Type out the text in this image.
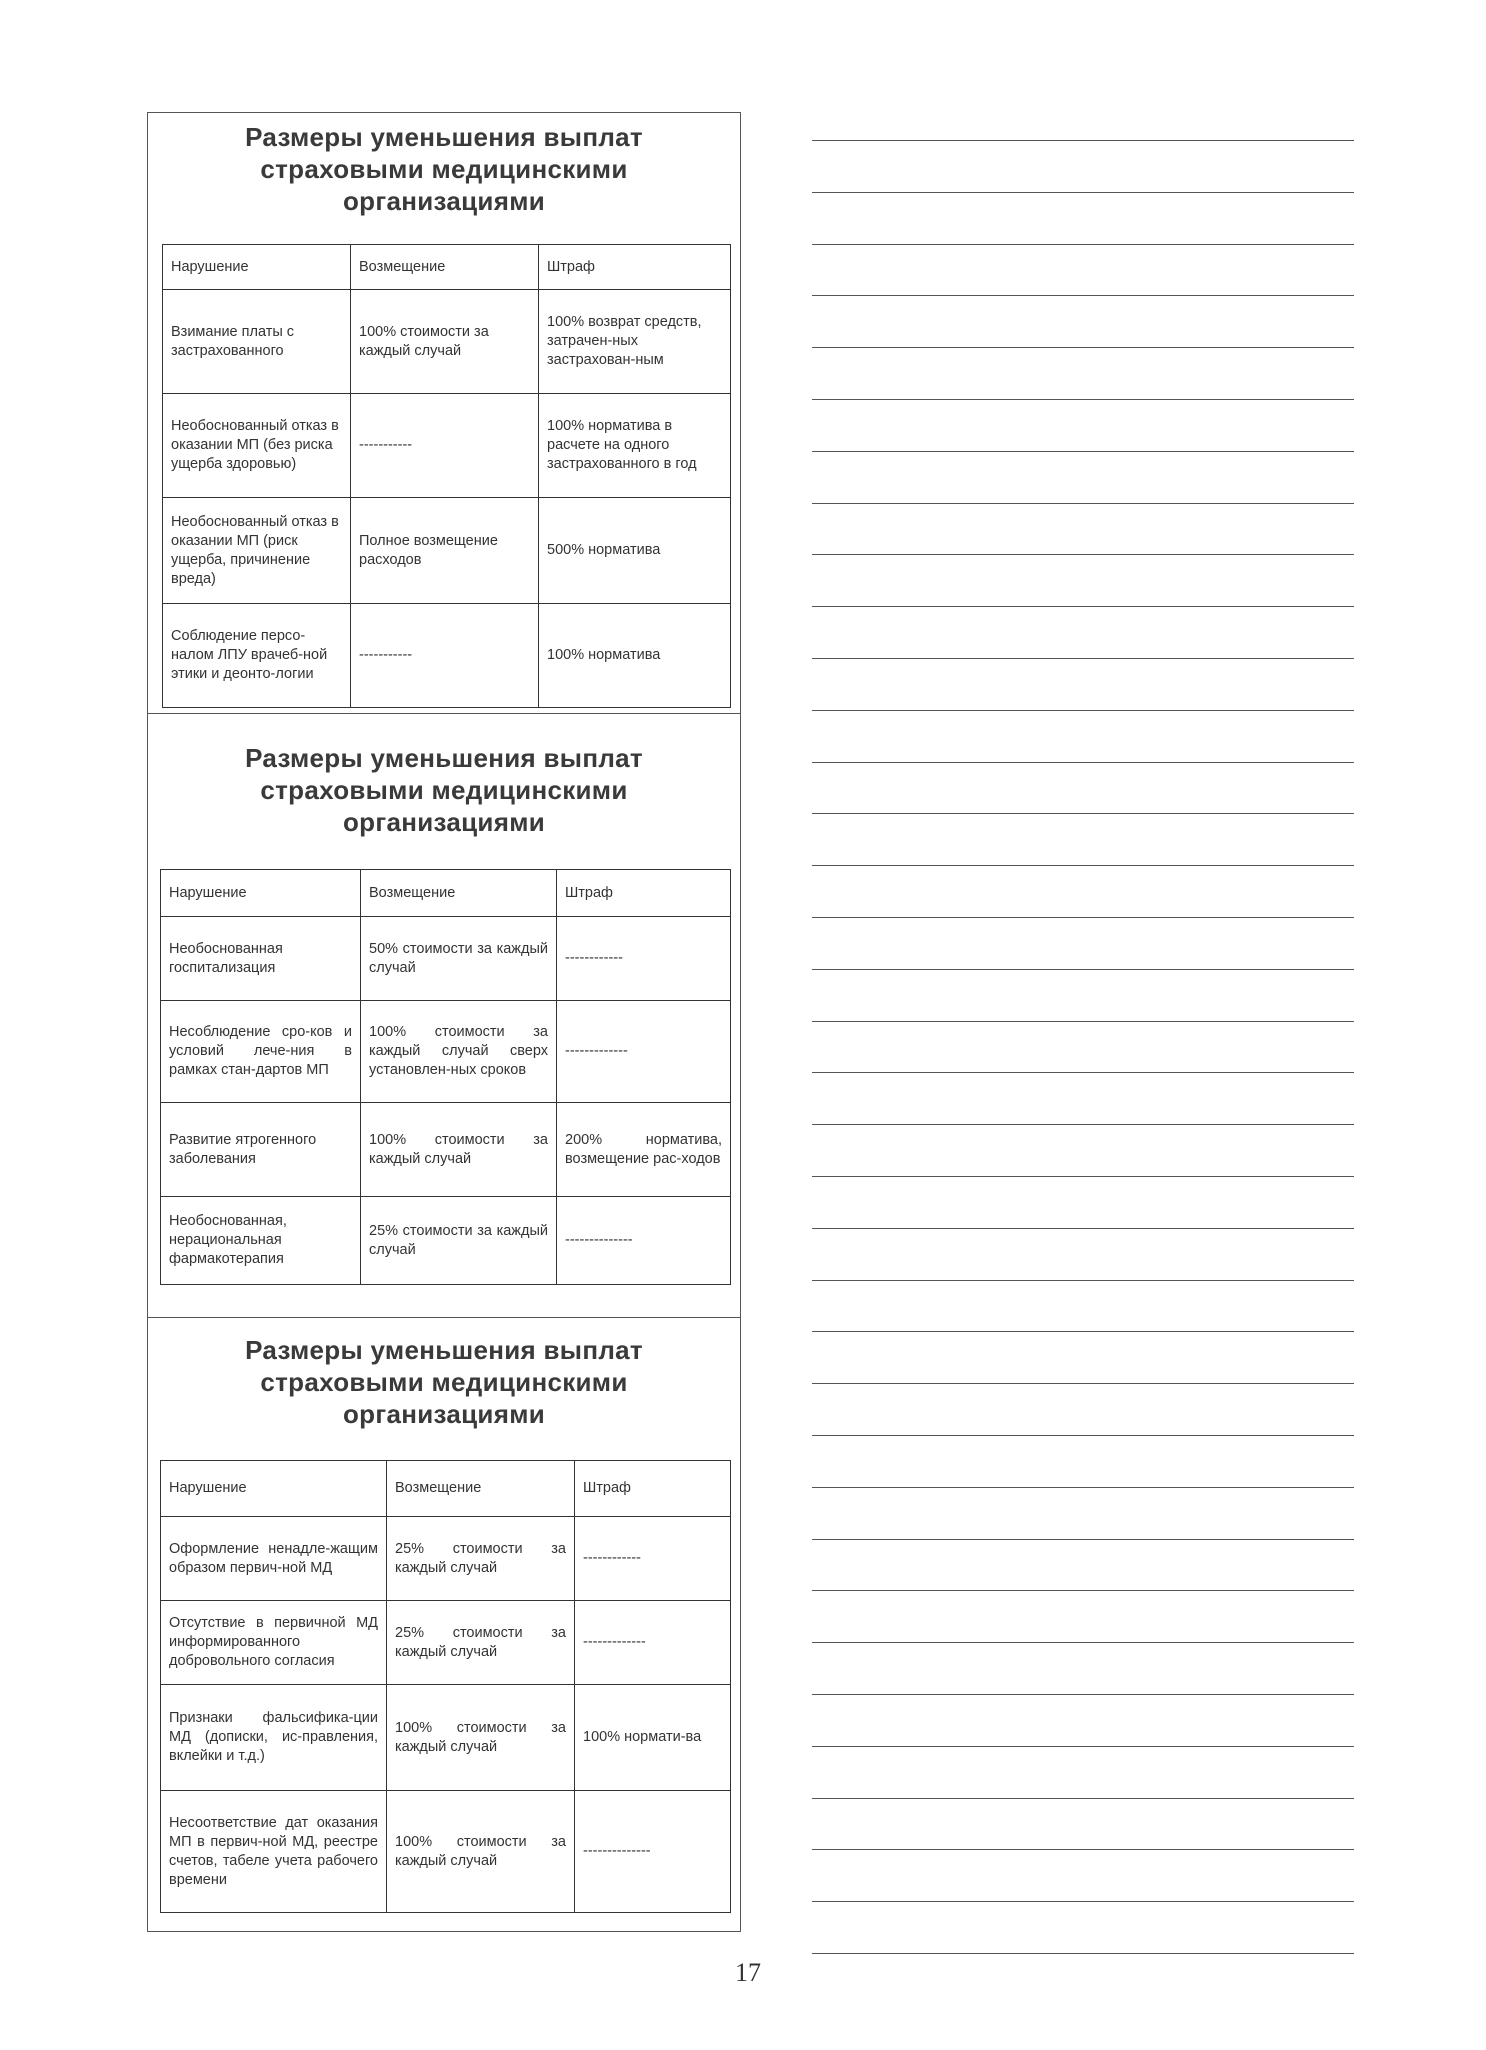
Размеры уменьшения выплат
страховыми медицинскими
организациями
Нарушение	Возмещение	Штраф
Взимание платы с застрахованного	100% стоимости за каждый случай	100% возврат средств, затрачен-ных застрахован-ным
Необоснованный отказ в оказании МП (без риска ущерба здоровью)	-----------	100% норматива в расчете на одного застрахованного в год
Необоснованный отказ в оказании МП (риск ущерба, причинение вреда)	Полное возмещение расходов	500% норматива
Соблюдение персо-налом ЛПУ врачеб-ной этики и деонто-логии	-----------	100% норматива
Размеры уменьшения выплат
страховыми медицинскими
организациями
Нарушение	Возмещение	Штраф
Необоснованная госпитализация	50% стоимости за каждый случай	------------
Несоблюдение сро-ков и условий лече-ния в рамках стан-дартов МП	100% стоимости за каждый случай сверх установлен-ных сроков	-------------
Развитие ятрогенного заболевания	100% стоимости за каждый случай	200% норматива, возмещение рас-ходов
Необоснованная, нерациональная фармакотерапия	25% стоимости за каждый случай	--------------
Размеры уменьшения выплат
страховыми медицинскими
организациями
Нарушение	Возмещение	Штраф
Оформление ненадле-жащим образом первич-ной МД	25% стоимости за каждый случай	------------
Отсутствие в первичной МД информированного добровольного согласия	25% стоимости за каждый случай	-------------
Признаки фальсифика-ции МД (дописки, ис-правления, вклейки и т.д.)	100% стоимости за каждый случай	100% нормати-ва
Несоответствие дат оказания МП в первич-ной МД, реестре счетов, табеле учета рабочего времени	100% стоимости за каждый случай	--------------
17
